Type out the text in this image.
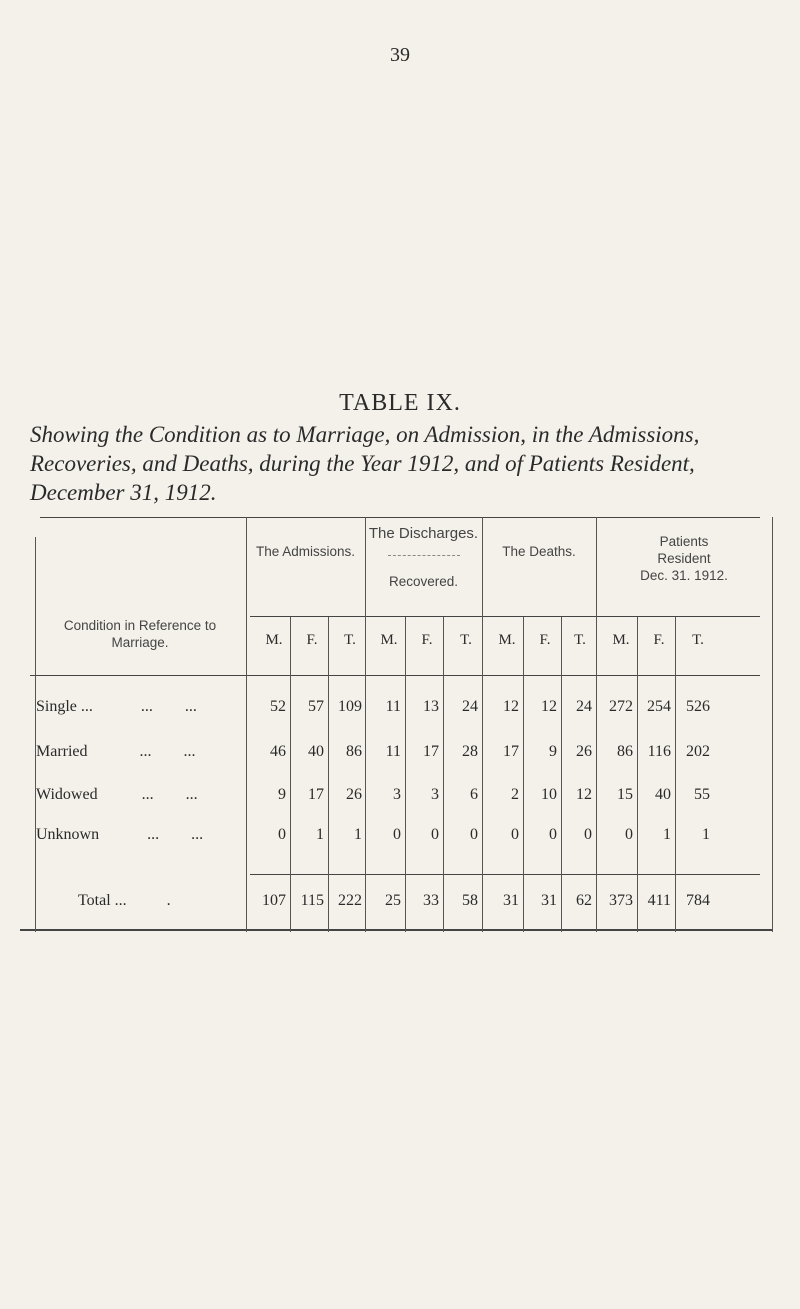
39
TABLE IX.
Showing the Condition as to Marriage, on Admission, in the Admissions, Recoveries, and Deaths, during the Year 1912, and of Patients Resident, December 31, 1912.
Condition in Reference to Marriage.
The Admissions.
The Discharges.
Recovered.
The Deaths.
Patients
Resident
Dec. 31. 1912.
M.	F.	T.	M.	F.	T.	M.	F.	T.	M.	F.	T.
Single ...            ...        ...	52	57 109	11	13	24	12	12	24	272 254 526
Married             ...        ...	46	40	86	11	17	28	17	9	26	86 116 202
Widowed           ...        ...	9	17	26	3	3	6	2	10	12	15	40	55
Unknown            ...        ...	0	1	1	0	0	0	0	0	0	0	1	1
Total ...          .	107 115 222	25	33	58	31	31	62	373 411 784
